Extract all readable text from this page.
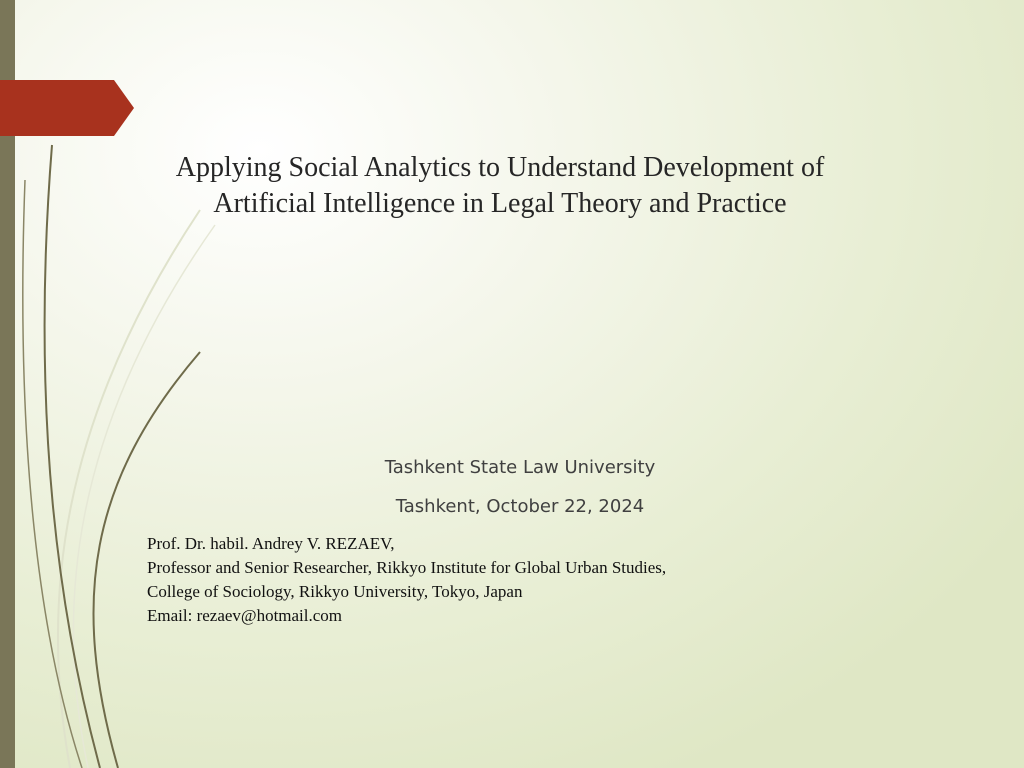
Applying Social Analytics to Understand Development of
Artificial Intelligence in Legal Theory and Practice
Tashkent State Law University
Tashkent, October 22, 2024
Prof. Dr. habil. Andrey V. REZAEV,
Professor and Senior Researcher, Rikkyo Institute for Global Urban Studies,
College of Sociology, Rikkyo University, Tokyo, Japan
Email: rezaev@hotmail.com
